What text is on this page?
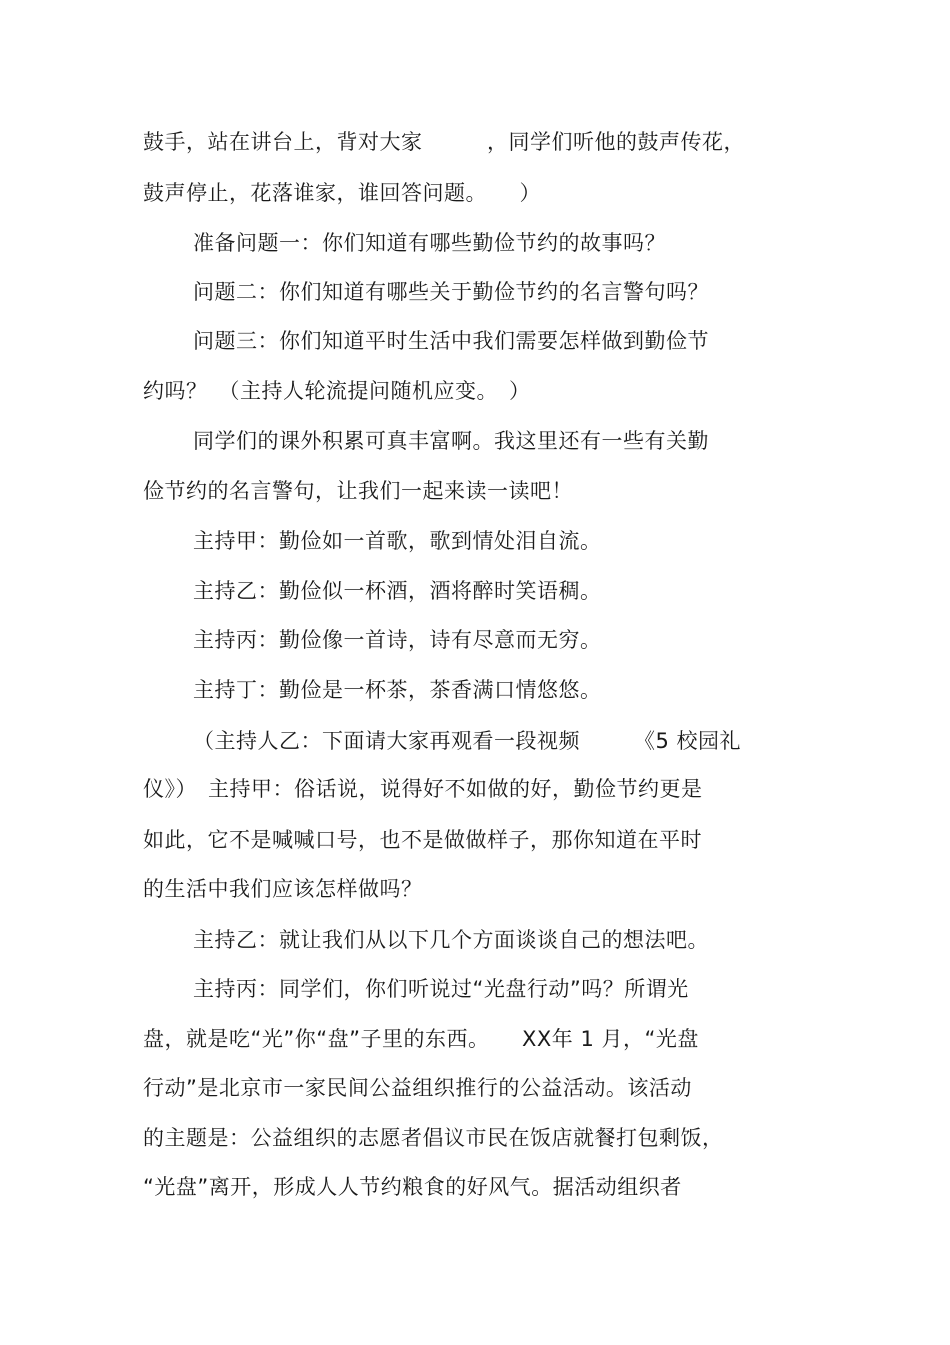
鼓手，站在讲台上，背对大家　　　，同学们听他的鼓声传花，
鼓声停止，花落谁家，谁回答问题。　　）
准备问题一：你们知道有哪些勤俭节约的故事吗？
问题二：你们知道有哪些关于勤俭节约的名言警句吗？
问题三：你们知道平时生活中我们需要怎样做到勤俭节
约吗？　（主持人轮流提问随机应变。　）
同学们的课外积累可真丰富啊。我这里还有一些有关勤
俭节约的名言警句，让我们一起来读一读吧！
主持甲：勤俭如一首歌，歌到情处泪自流。
主持乙：勤俭似一杯酒，酒将醉时笑语稠。
主持丙：勤俭像一首诗，诗有尽意而无穷。
主持丁：勤俭是一杯茶，茶香满口情悠悠。
（主持人乙：下面请大家再观看一段视频　　　《5 校园礼
仪》）　主持甲：俗话说，说得好不如做的好，勤俭节约更是
如此，它不是喊喊口号，也不是做做样子，那你知道在平时
的生活中我们应该怎样做吗？
主持乙：就让我们从以下几个方面谈谈自己的想法吧。
主持丙：同学们，你们听说过“光盘行动”吗？所谓光
盘，就是吃“光”你“盘”子里的东西。　　XX年 1 月，“光盘
行动”是北京市一家民间公益组织推行的公益活动。该活动
的主题是：公益组织的志愿者倡议市民在饭店就餐打包剩饭，
“光盘”离开，形成人人节约粮食的好风气。据活动组织者
